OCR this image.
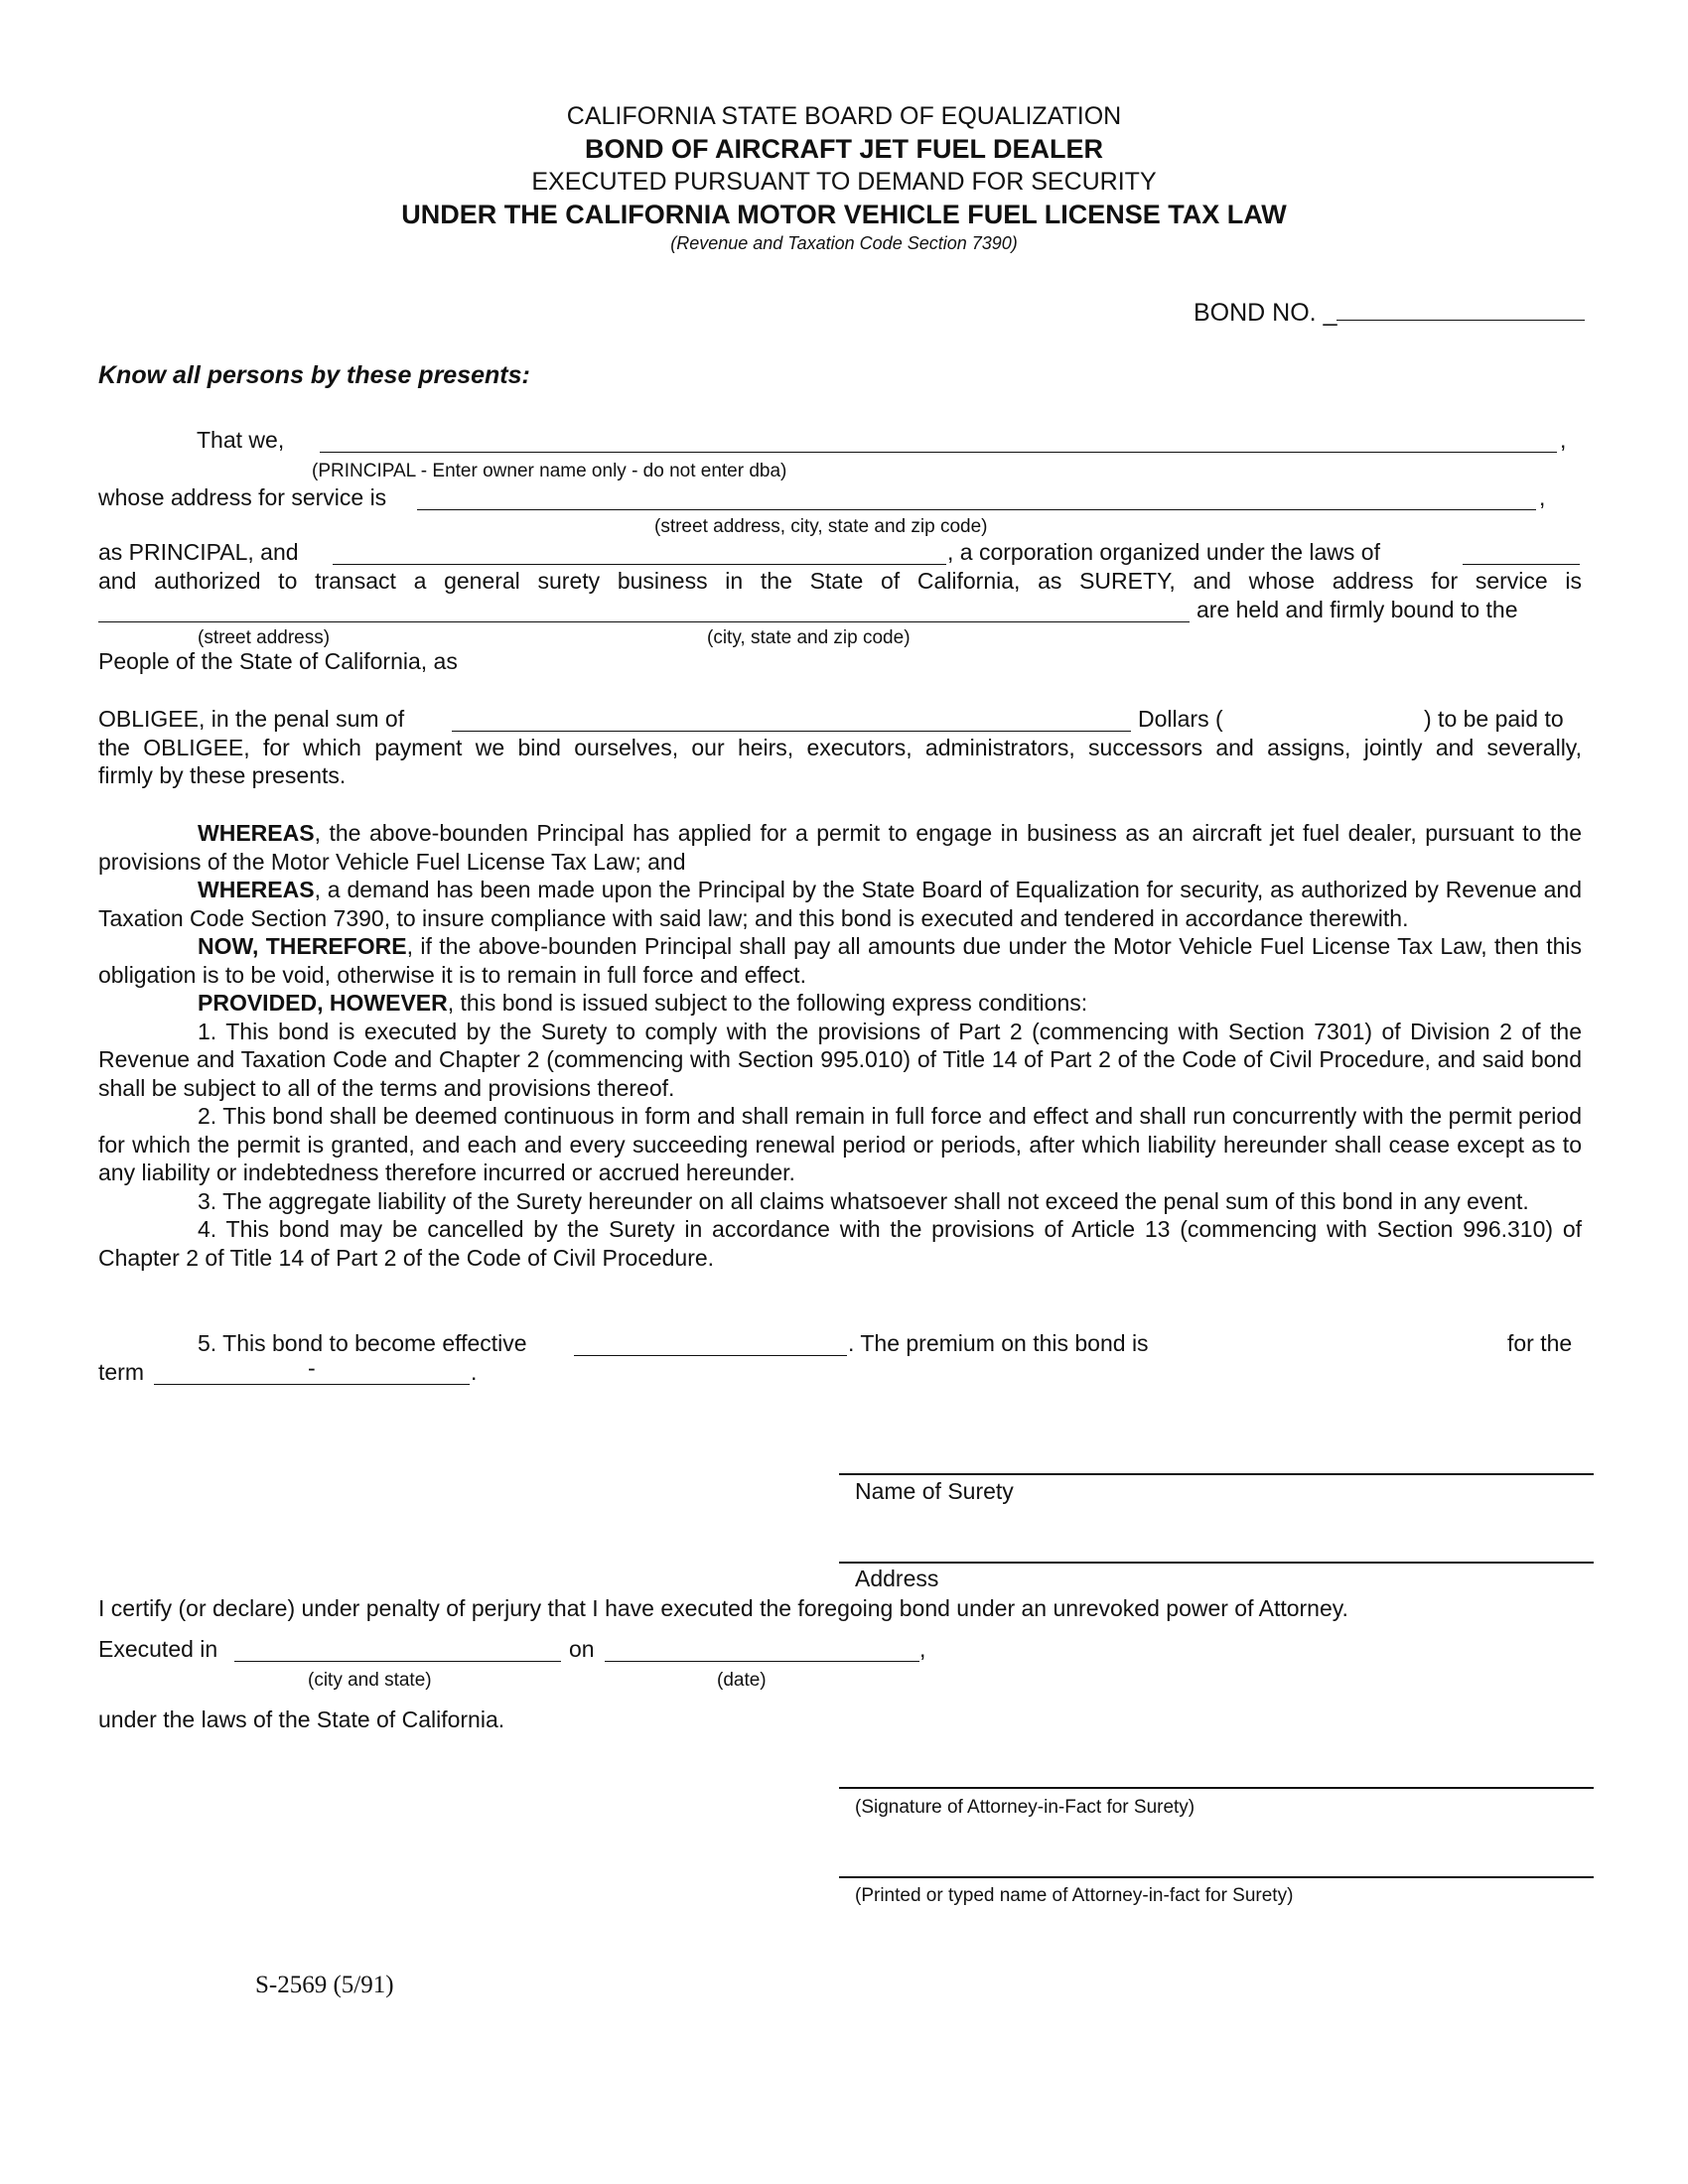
CALIFORNIA STATE BOARD OF EQUALIZATION
BOND OF AIRCRAFT JET FUEL DEALER
EXECUTED PURSUANT TO DEMAND FOR SECURITY
UNDER THE CALIFORNIA MOTOR VEHICLE FUEL LICENSE TAX LAW
(Revenue and Taxation Code Section 7390)
BOND NO. _
Know all persons by these presents:
That we,	,
(PRINCIPAL - Enter owner name only - do not enter dba)
whose address for service is	,
(street address, city, state and zip code)
as PRINCIPAL, and	, a corporation organized under the laws of
and authorized to transact a general surety business in the State of California, as SURETY, and whose address for service is
are held and firmly bound to the
(street address)	(city, state and zip code)
People of the State of California, as
OBLIGEE, in the penal sum of	Dollars (	) to be paid to
the OBLIGEE, for which payment we bind ourselves, our heirs, executors, administrators, successors and assigns, jointly and severally,
firmly by these presents.

WHEREAS, the above-bounden Principal has applied for a permit to engage in business as an aircraft jet fuel dealer, pursuant to the provisions of the Motor Vehicle Fuel License Tax Law; and

WHEREAS, a demand has been made upon the Principal by the State Board of Equalization for security, as authorized by Revenue and Taxation Code Section 7390, to insure compliance with said law; and this bond is executed and tendered in accordance therewith.

NOW, THEREFORE, if the above-bounden Principal shall pay all amounts due under the Motor Vehicle Fuel License Tax Law, then this obligation is to be void, otherwise it is to remain in full force and effect.

PROVIDED, HOWEVER, this bond is issued subject to the following express conditions:

1. This bond is executed by the Surety to comply with the provisions of Part 2 (commencing with Section 7301) of Division 2 of the Revenue and Taxation Code and Chapter 2 (commencing with Section 995.010) of Title 14 of Part 2 of the Code of Civil Procedure, and said bond shall be subject to all of the terms and provisions thereof.

2. This bond shall be deemed continuous in form and shall remain in full force and effect and shall run concurrently with the permit period for which the permit is granted, and each and every succeeding renewal period or periods, after which liability hereunder shall cease except as to any liability or indebtedness therefore incurred or accrued hereunder.

3. The aggregate liability of the Surety hereunder on all claims whatsoever shall not exceed the penal sum of this bond in any event.

4. This bond may be cancelled by the Surety in accordance with the provisions of Article 13 (commencing with Section 996.310) of Chapter 2 of Title 14 of Part 2 of the Code of Civil Procedure.

5. This bond to become effective	. The premium on this bond is	for the
term	-	.
Name of Surety
Address
I certify (or declare) under penalty of perjury that I have executed the foregoing bond under an unrevoked power of Attorney.
Executed in	on	,
(city and state)	(date)
under the laws of the State of California.
(Signature of Attorney-in-Fact for Surety)
(Printed or typed name of Attorney-in-fact for Surety)
S-2569 (5/91)
